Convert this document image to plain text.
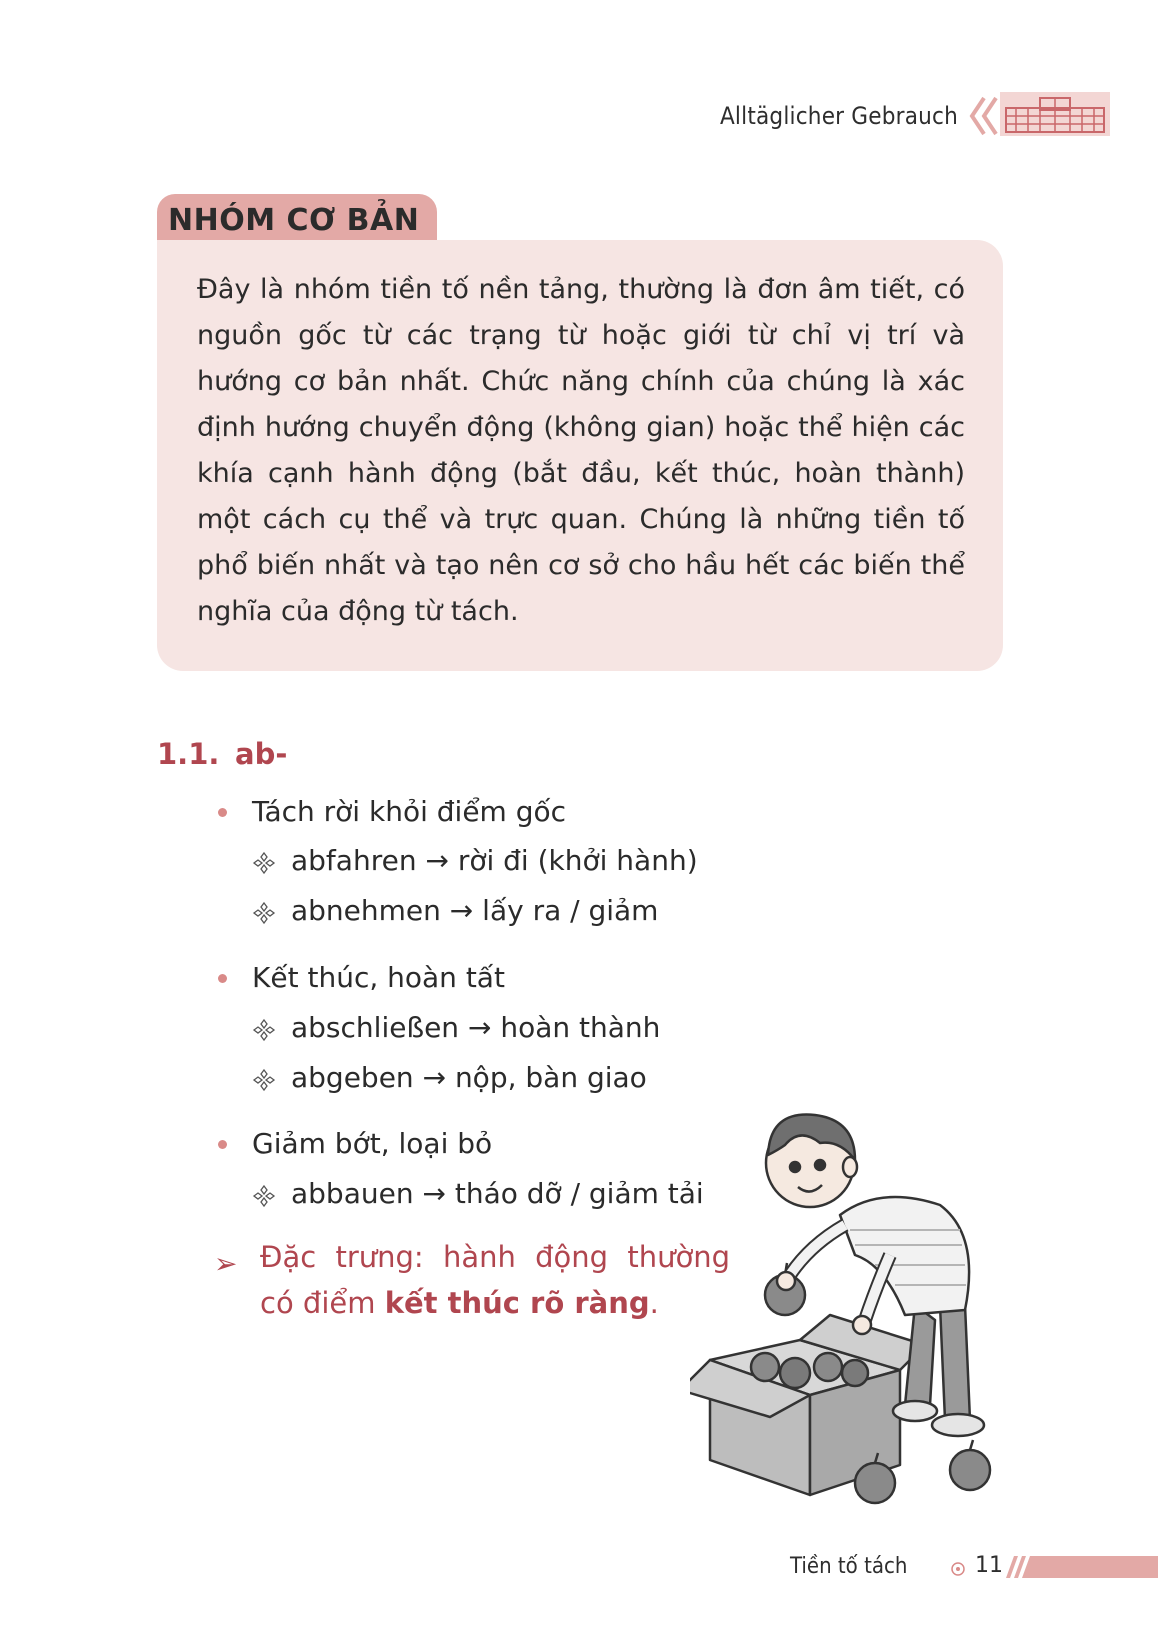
Alltäglicher Gebrauch
NHÓM CƠ BẢN
Đây là nhóm tiền tố nền tảng, thường là đơn âm tiết, có nguồn gốc từ các trạng từ hoặc giới từ chỉ vị trí và hướng cơ bản nhất. Chức năng chính của chúng là xác định hướng chuyển động (không gian) hoặc thể hiện các khía cạnh hành động (bắt đầu, kết thúc, hoàn thành) một cách cụ thể và trực quan. Chúng là những tiền tố phổ biến nhất và tạo nên cơ sở cho hầu hết các biến thể nghĩa của động từ tách.
1.1. ab-
Tách rời khỏi điểm gốc
abfahren → rời đi (khởi hành)
abnehmen → lấy ra / giảm
Kết thúc, hoàn tất
abschließen → hoàn thành
abgeben → nộp, bàn giao
Giảm bớt, loại bỏ
abbauen → tháo dỡ / giảm tải
➢ Đặc trưng: hành động thường có điểm kết thúc rõ ràng.
Tiền tố tách	11
